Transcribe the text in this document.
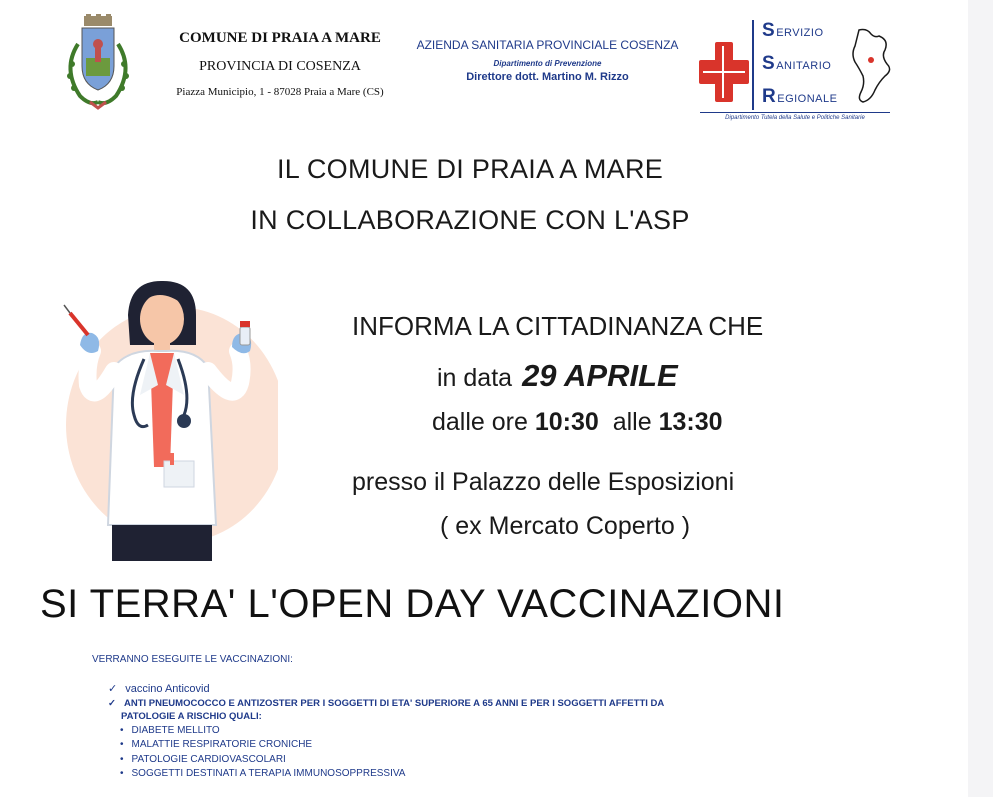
COMUNE DI PRAIA A MARE
PROVINCIA DI COSENZA
Piazza Municipio, 1 - 87028 Praia a Mare (CS)
AZIENDA SANITARIA PROVINCIALE COSENZA
Dipartimento di Prevenzione
Direttore dott. Martino M. Rizzo
SERVIZIO
SANITARIO
REGIONALE
Dipartimento Tutela della Salute e Politiche Sanitarie
IL COMUNE DI PRAIA A MARE
IN COLLABORAZIONE CON L'ASP
INFORMA LA CITTADINANZA CHE
in data 29 APRILE
dalle ore 10:30 alle 13:30
presso il Palazzo delle Esposizioni
( ex Mercato Coperto )
SI TERRA' L'OPEN DAY VACCINAZIONI
VERRANNO ESEGUITE LE VACCINAZIONI:
✓ vaccino Anticovid
✓ ANTI PNEUMOCOCCO E ANTIZOSTER PER I SOGGETTI DI ETA' SUPERIORE A 65 ANNI E PER I SOGGETTI AFFETTI DA
PATOLOGIE A RISCHIO QUALI:
• DIABETE MELLITO
• MALATTIE RESPIRATORIE CRONICHE
• PATOLOGIE CARDIOVASCOLARI
• SOGGETTI DESTINATI A TERAPIA IMMUNOSOPPRESSIVA
